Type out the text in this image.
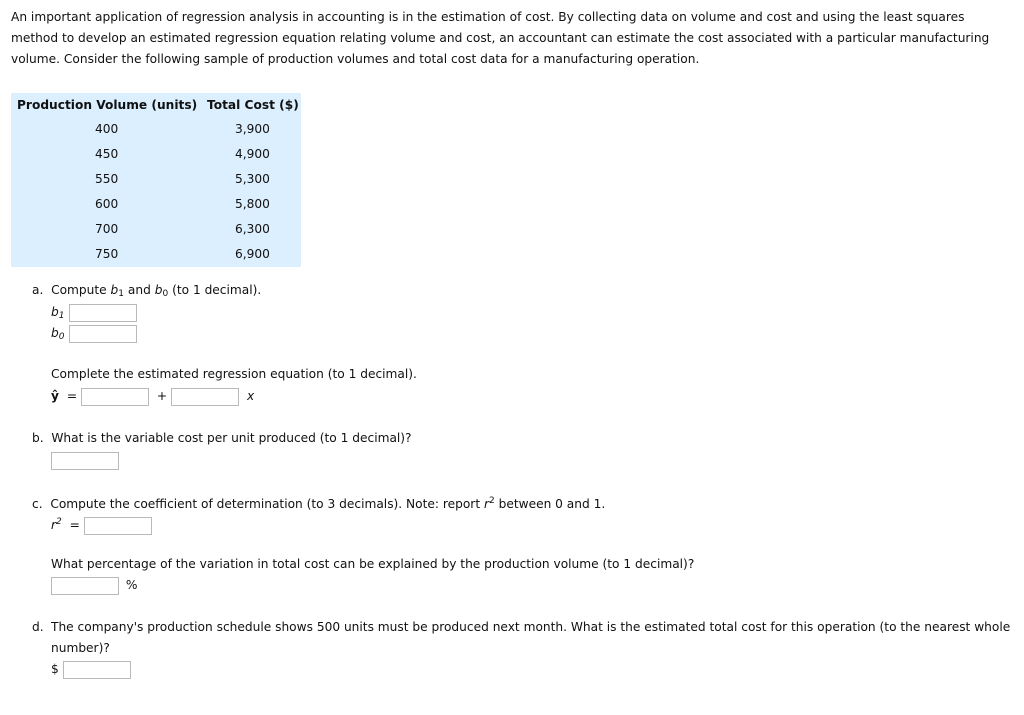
An important application of regression analysis in accounting is in the estimation of cost. By collecting data on volume and cost and using the least squares method to develop an estimated regression equation relating volume and cost, an accountant can estimate the cost associated with a particular manufacturing volume. Consider the following sample of production volumes and total cost data for a manufacturing operation.
Production Volume (units)	Total Cost ($)
400	3,900
450	4,900
550	5,300
600	5,800
700	6,300
750	6,900
a. Compute $b_1$ and $b_0$ (to 1 decimal).
$b_1$
$b_0$
Complete the estimated regression equation (to 1 decimal).
ŷ =	+	x
b. What is the variable cost per unit produced (to 1 decimal)?
c. Compute the coefficient of determination (to 3 decimals). Note: report $r^2$ between 0 and 1.
$r^2$ =
What percentage of the variation in total cost can be explained by the production volume (to 1 decimal)?
%
d. The company's production schedule shows 500 units must be produced next month. What is the estimated total cost for this operation (to the nearest whole number)?
$
